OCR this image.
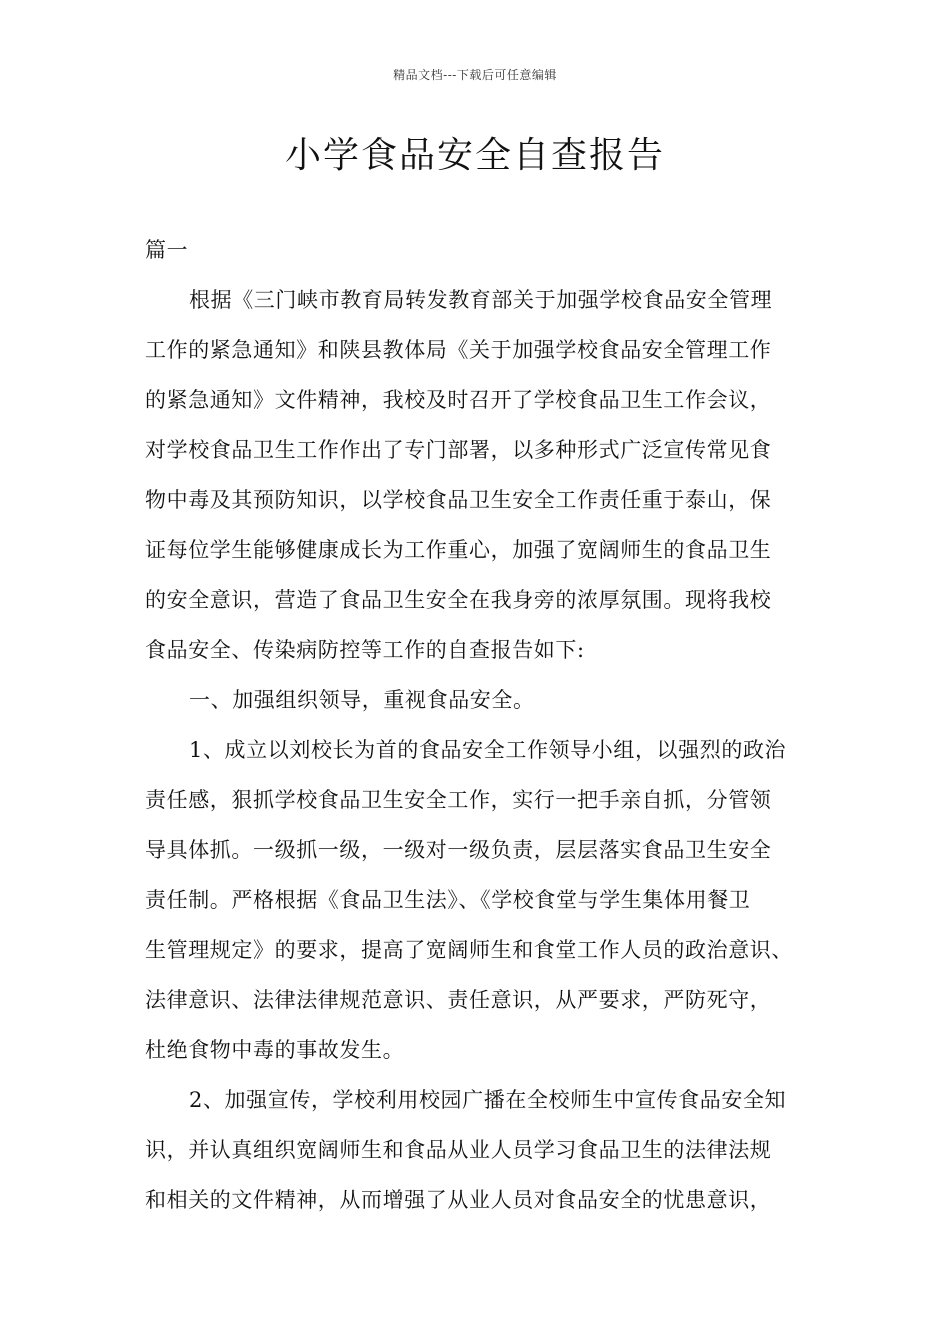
精品文档---下载后可任意编辑
小学食品安全自查报告
篇一
根据《三门峡市教育局转发教育部关于加强学校食品安全管理
工作的紧急通知》和陕县教体局《关于加强学校食品安全管理工作
的紧急通知》文件精神，我校及时召开了学校食品卫生工作会议，
对学校食品卫生工作作出了专门部署，以多种形式广泛宣传常见食
物中毒及其预防知识，以学校食品卫生安全工作责任重于泰山，保
证每位学生能够健康成长为工作重心，加强了宽阔师生的食品卫生
的安全意识，营造了食品卫生安全在我身旁的浓厚氛围。现将我校
食品安全、传染病防控等工作的自查报告如下:
一、加强组织领导，重视食品安全。
1、成立以刘校长为首的食品安全工作领导小组，以强烈的政治
责任感，狠抓学校食品卫生安全工作，实行一把手亲自抓，分管领
导具体抓。一级抓一级，一级对一级负责，层层落实食品卫生安全
责任制。严格根据《食品卫生法》、《学校食堂与学生集体用餐卫
生管理规定》的要求，提高了宽阔师生和食堂工作人员的政治意识、
法律意识、法律法律规范意识、责任意识，从严要求，严防死守，
杜绝食物中毒的事故发生。
2、加强宣传，学校利用校园广播在全校师生中宣传食品安全知
识，并认真组织宽阔师生和食品从业人员学习食品卫生的法律法规
和相关的文件精神，从而增强了从业人员对食品安全的忧患意识，
